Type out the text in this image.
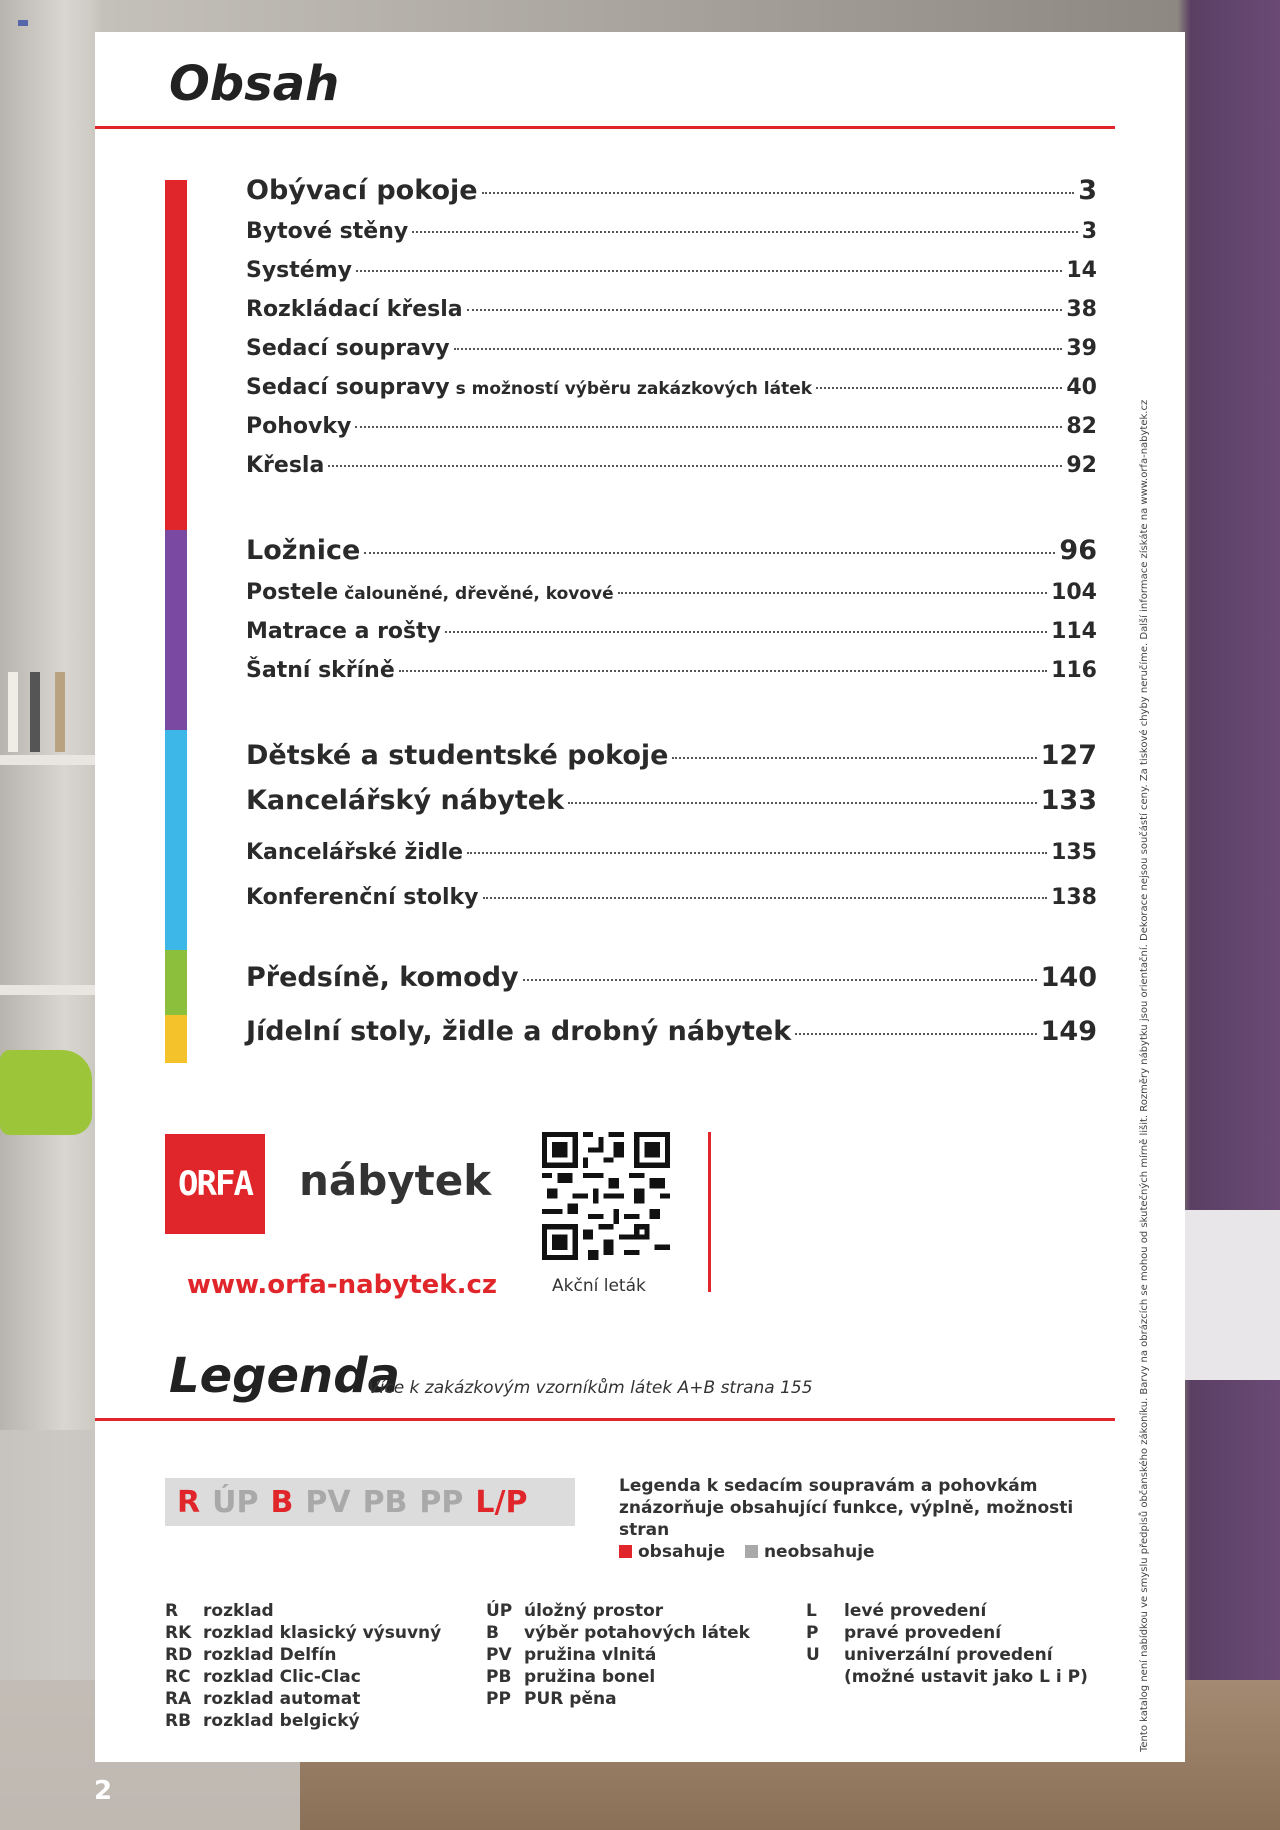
Obsah
Obývací pokoje	3
Bytové stěny	3
Systémy	14
Rozkládací křesla	38
Sedací soupravy	39
Sedací soupravy s možností výběru zakázkových látek	40
Pohovky	82
Křesla	92
Ložnice	96
Postele čalouněné, dřevěné, kovové	104
Matrace a rošty	114
Šatní skříně	116
Dětské a studentské pokoje	127
Kancelářský nábytek	133
Kancelářské židle	135
Konferenční stolky	138
Předsíně, komody	140
Jídelní stoly, židle a drobný nábytek	149
ORFA	nábytek
www.orfa-nabytek.cz	Akční leták
Legenda
Více k zakázkovým vzorníkům látek A+B strana 155
R ÚP B PV PB PP L/P	Legenda k sedacím soupravám a pohovkám
znázorňuje obsahující funkce, výplně, možnosti stran
obsahuje neobsahuje
R	rozklad
RK rozklad klasický výsuvný
RD rozklad Delfín
RC rozklad Clic-Clac
RA rozklad automat
RB rozklad belgický
ÚP úložný prostor
B	výběr potahových látek
PV pružina vlnitá
PB pružina bonel
PP PUR pěna
L	levé provedení
P	pravé provedení
U	univerzální provedení
(možné ustavit jako L i P)	Tento katalog není nabídkou ve smyslu předpisů občanského zákoníku. Barvy na obrázcích se mohou od skutečných mírně lišit. Rozměry nábytku jsou orientační. Dekorace nejsou součástí ceny. Za tiskové chyby neručíme. Další informace získáte na www.orfa-nabytek.cz
2
